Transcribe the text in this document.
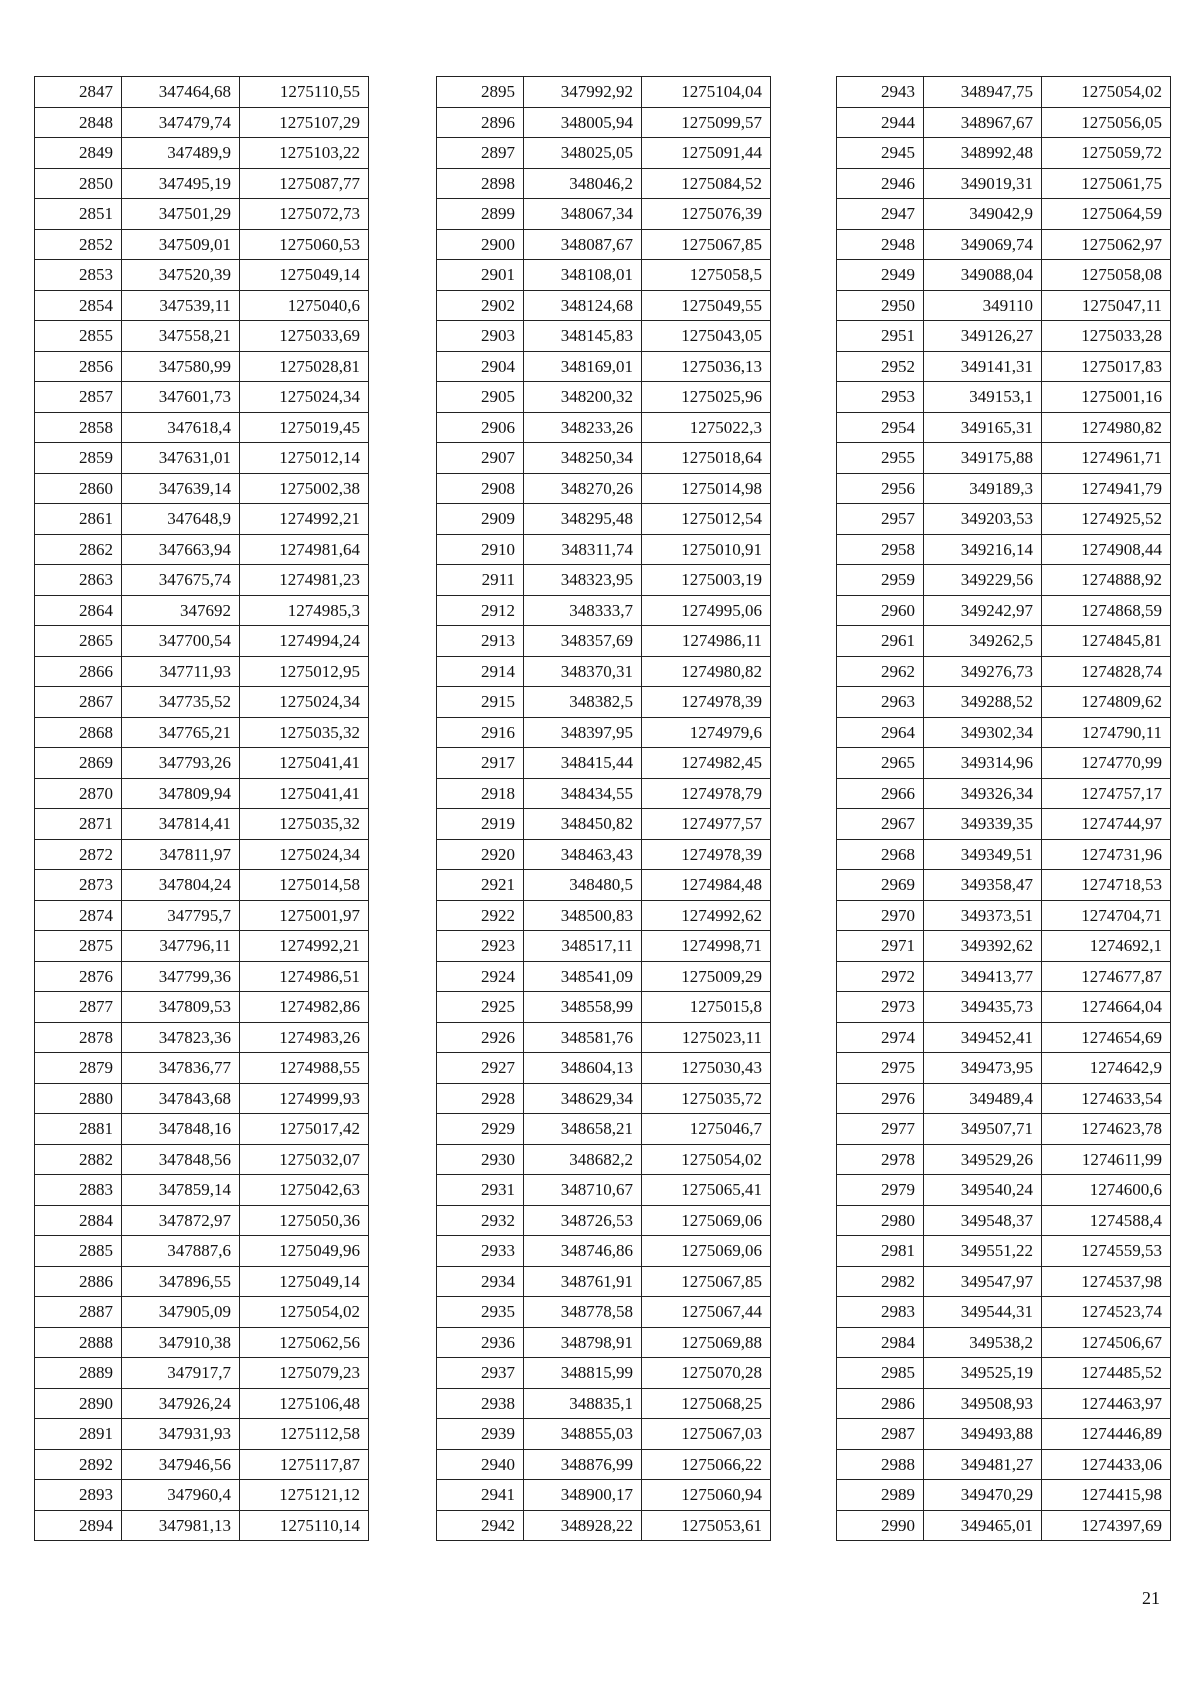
2847	347464,68	1275110,55
2848	347479,74	1275107,29
2849	347489,9	1275103,22
2850	347495,19	1275087,77
2851	347501,29	1275072,73
2852	347509,01	1275060,53
2853	347520,39	1275049,14
2854	347539,11	1275040,6
2855	347558,21	1275033,69
2856	347580,99	1275028,81
2857	347601,73	1275024,34
2858	347618,4	1275019,45
2859	347631,01	1275012,14
2860	347639,14	1275002,38
2861	347648,9	1274992,21
2862	347663,94	1274981,64
2863	347675,74	1274981,23
2864	347692	1274985,3
2865	347700,54	1274994,24
2866	347711,93	1275012,95
2867	347735,52	1275024,34
2868	347765,21	1275035,32
2869	347793,26	1275041,41
2870	347809,94	1275041,41
2871	347814,41	1275035,32
2872	347811,97	1275024,34
2873	347804,24	1275014,58
2874	347795,7	1275001,97
2875	347796,11	1274992,21
2876	347799,36	1274986,51
2877	347809,53	1274982,86
2878	347823,36	1274983,26
2879	347836,77	1274988,55
2880	347843,68	1274999,93
2881	347848,16	1275017,42
2882	347848,56	1275032,07
2883	347859,14	1275042,63
2884	347872,97	1275050,36
2885	347887,6	1275049,96
2886	347896,55	1275049,14
2887	347905,09	1275054,02
2888	347910,38	1275062,56
2889	347917,7	1275079,23
2890	347926,24	1275106,48
2891	347931,93	1275112,58
2892	347946,56	1275117,87
2893	347960,4	1275121,12
2894	347981,13	1275110,14
2895	347992,92	1275104,04
2896	348005,94	1275099,57
2897	348025,05	1275091,44
2898	348046,2	1275084,52
2899	348067,34	1275076,39
2900	348087,67	1275067,85
2901	348108,01	1275058,5
2902	348124,68	1275049,55
2903	348145,83	1275043,05
2904	348169,01	1275036,13
2905	348200,32	1275025,96
2906	348233,26	1275022,3
2907	348250,34	1275018,64
2908	348270,26	1275014,98
2909	348295,48	1275012,54
2910	348311,74	1275010,91
2911	348323,95	1275003,19
2912	348333,7	1274995,06
2913	348357,69	1274986,11
2914	348370,31	1274980,82
2915	348382,5	1274978,39
2916	348397,95	1274979,6
2917	348415,44	1274982,45
2918	348434,55	1274978,79
2919	348450,82	1274977,57
2920	348463,43	1274978,39
2921	348480,5	1274984,48
2922	348500,83	1274992,62
2923	348517,11	1274998,71
2924	348541,09	1275009,29
2925	348558,99	1275015,8
2926	348581,76	1275023,11
2927	348604,13	1275030,43
2928	348629,34	1275035,72
2929	348658,21	1275046,7
2930	348682,2	1275054,02
2931	348710,67	1275065,41
2932	348726,53	1275069,06
2933	348746,86	1275069,06
2934	348761,91	1275067,85
2935	348778,58	1275067,44
2936	348798,91	1275069,88
2937	348815,99	1275070,28
2938	348835,1	1275068,25
2939	348855,03	1275067,03
2940	348876,99	1275066,22
2941	348900,17	1275060,94
2942	348928,22	1275053,61
2943	348947,75	1275054,02
2944	348967,67	1275056,05
2945	348992,48	1275059,72
2946	349019,31	1275061,75
2947	349042,9	1275064,59
2948	349069,74	1275062,97
2949	349088,04	1275058,08
2950	349110	1275047,11
2951	349126,27	1275033,28
2952	349141,31	1275017,83
2953	349153,1	1275001,16
2954	349165,31	1274980,82
2955	349175,88	1274961,71
2956	349189,3	1274941,79
2957	349203,53	1274925,52
2958	349216,14	1274908,44
2959	349229,56	1274888,92
2960	349242,97	1274868,59
2961	349262,5	1274845,81
2962	349276,73	1274828,74
2963	349288,52	1274809,62
2964	349302,34	1274790,11
2965	349314,96	1274770,99
2966	349326,34	1274757,17
2967	349339,35	1274744,97
2968	349349,51	1274731,96
2969	349358,47	1274718,53
2970	349373,51	1274704,71
2971	349392,62	1274692,1
2972	349413,77	1274677,87
2973	349435,73	1274664,04
2974	349452,41	1274654,69
2975	349473,95	1274642,9
2976	349489,4	1274633,54
2977	349507,71	1274623,78
2978	349529,26	1274611,99
2979	349540,24	1274600,6
2980	349548,37	1274588,4
2981	349551,22	1274559,53
2982	349547,97	1274537,98
2983	349544,31	1274523,74
2984	349538,2	1274506,67
2985	349525,19	1274485,52
2986	349508,93	1274463,97
2987	349493,88	1274446,89
2988	349481,27	1274433,06
2989	349470,29	1274415,98
2990	349465,01	1274397,69
21
